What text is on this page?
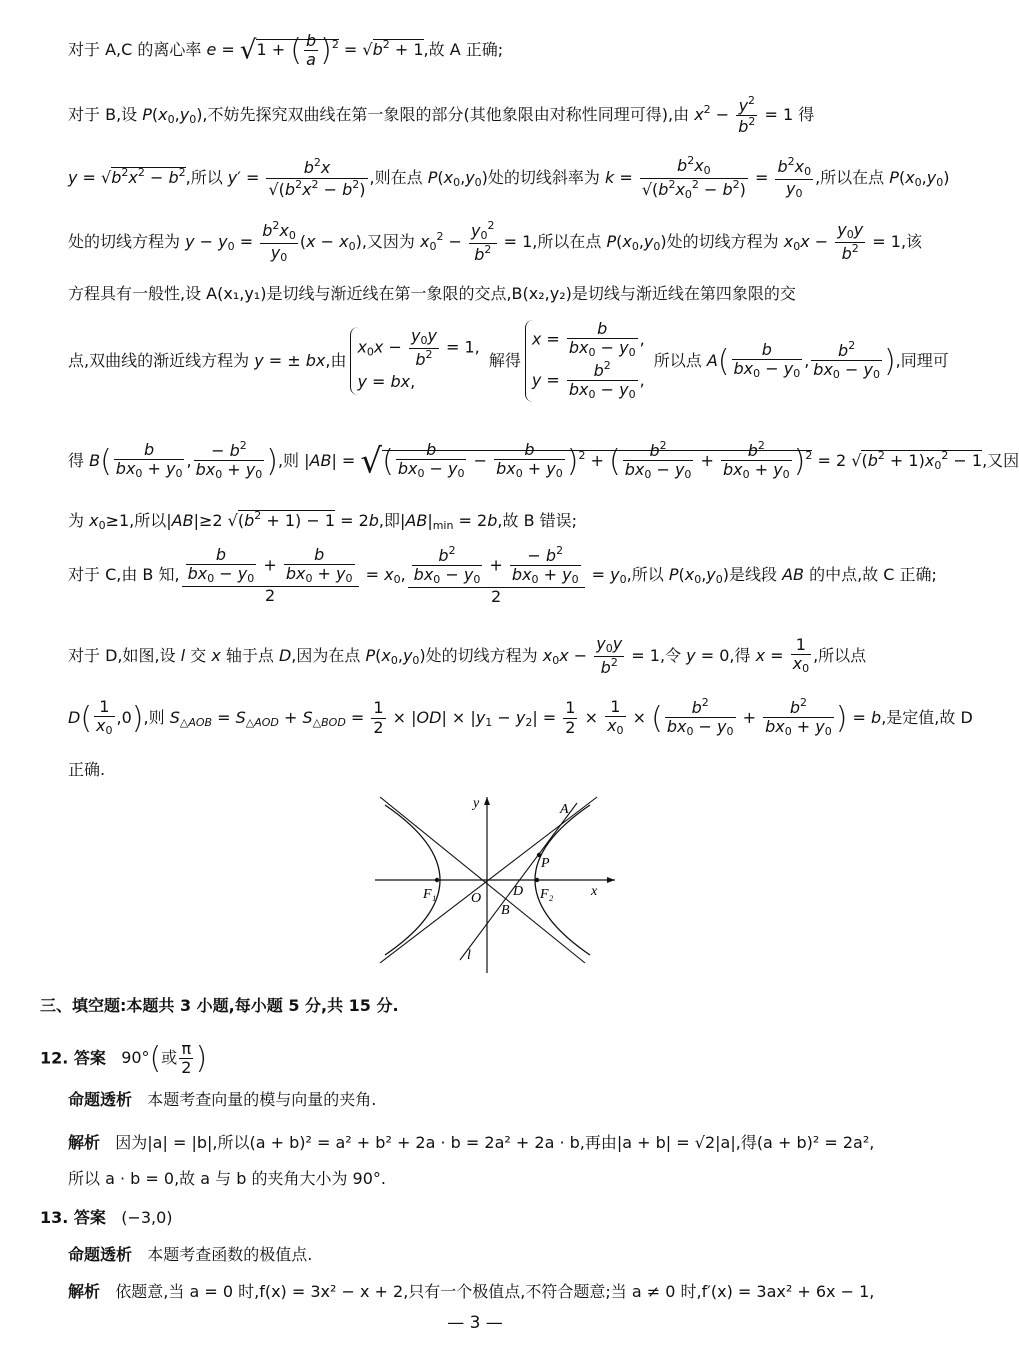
对于 A,C 的离心率 e = √1 + ( $\frac{b}{a} )^2 = √b^2 + 1$,故 A 正确;
对于 B,设 $P(x_0,y_0)$,不妨先探究双曲线在第一象限的部分(其他象限由对称性同理可得),由 $x^2 - \frac{y^2}{b^2} = 1$ 得
$y = √b^2x^2 - b^2$,所以 $y' = \frac{b^2x}{√(b^2x^2 - b^2)}$ ,则在点 $P(x_0,y_0)$处的切线斜率为 $k = \frac{b^2x_0}{√(b^2x_0^2 - b^2)} = \frac{b^2x_0}{y_0}$ ,所以在点 $P(x_0,y_0)$
处的切线方程为 $y - y_0 = \frac{b^2x_0}{y_0} (x - x_0)$,又因为 $x_0^2 - \frac{y_0^2}{b^2} = 1$,所以在点 $P(x_0,y_0)$处的切线方程为 $x_0x - \frac{y_0y}{b^2} = 1$,该
方程具有一般性,设 A(x₁,y₁)是切线与渐近线在第一象限的交点,B(x₂,y₂)是切线与渐近线在第四象限的交
点,双曲线的渐近线方程为 y = ± bx,由
$x_0x - \frac{y_0y}{b^2} = 1$,
y = bx,
解得
$x = \frac{b}{bx_0 - y_0}$ ,
$y = \frac{b^2}{bx_0 - y_0}$ ,
所以点 $A( \frac{b}{bx_0 - y_0}$ , $\frac{b^2}{bx_0 - y_0}$ ),同理可
得 $B( \frac{b}{bx_0 + y_0}$ , $\frac{- b^2}{bx_0 + y_0}$ ),则 |AB| = √( $\frac{b}{bx_0 - y_0} - \frac{b}{bx_0 + y_0} )^2$ + ( $\frac{b^2}{bx_0 - y_0} + \frac{b^2}{bx_0 + y_0} )^2 = 2$ $√(b^2 + 1)x_0^2 - 1$,又因
为 $x_0\ge 1$,所以|AB|≥2 $√(b^2 + 1) - 1 = 2b$,即$|AB|_{min} = 2b$,故 B 错误;
对于 C,由 B 知, $\frac{\frac{b}{bx_0 - y_0} + \frac{b}{bx_0 + y_0}}{2} = x_0$, $\frac{\frac{b^2}{bx_0 - y_0} + \frac{- b^2}{bx_0 + y_0}}{2} = y_0$,所以 $P(x_0,y_0)$是线段 AB 的中点,故 C 正确;
对于 D,如图,设 l 交 x 轴于点 D,因为在点 $P(x_0,y_0)$处的切线方程为 $x_0x - \frac{y_0y}{b^2} = 1$,令 y = 0,得 $x = \frac{1}{x_0}$ ,所以点
$D( \frac{1}{x_0} ,0)$,则 $S_{\triangle AOB} = S_{\triangle AOD} + S_{\triangle BOD} = \frac{1}{2} \times |OD| \times |y_1 - y_2| = \frac{1}{2} \times \frac{1}{x_0}$ × ( $\frac{b^2}{bx_0 - y_0} + \frac{b^2}{bx_0 + y_0}$ ) = b,是定值,故 D
正确.
A
P
F₁	F₂
O D
B
x
y
l
三、填空题:本题共 3 小题,每小题 5 分,共 15 分.
12. 答案   90°(或 $\frac{\pi}{2}$ )
命题透析 本题考查向量的模与向量的夹角.
解析 因为|a| = |b|,所以(a + b)² = a² + b² + 2a · b = 2a² + 2a · b,再由|a + b| = √2|a|,得(a + b)² = 2a²,
所以 a · b = 0,故 a 与 b 的夹角大小为 90°.
13. 答案 (−3,0)
命题透析 本题考查函数的极值点.
解析 依题意,当 a = 0 时,f(x) = 3x² − x + 2,只有一个极值点,不符合题意;当 a ≠ 0 时,f′(x) = 3ax² + 6x − 1,
— 3 —
